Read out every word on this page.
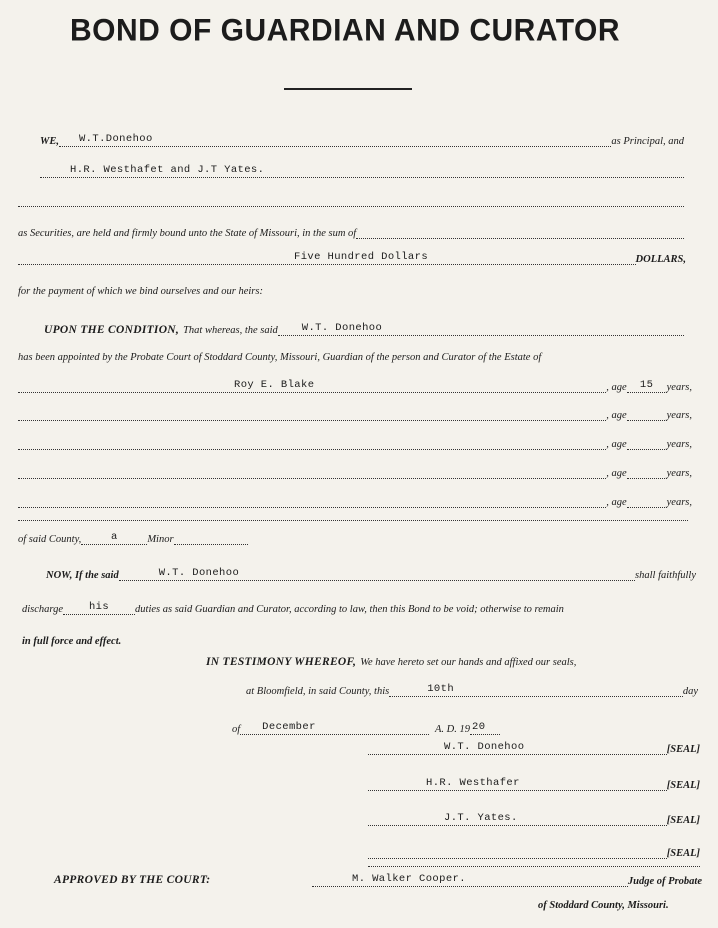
BOND OF GUARDIAN AND CURATOR
WE,	W.T.Donehoo	as Principal, and
H.R. Westhafet and J.T Yates.
as Securities, are held and firmly bound unto the State of Missouri, in the sum of
Five Hundred Dollars	DOLLARS,
for the payment of which we bind ourselves and our heirs:
UPON THE CONDITION, That whereas, the said	W.T. Donehoo
has been appointed by the Probate Court of Stoddard County, Missouri, Guardian of the person and Curator of the Estate of
Roy E. Blake	, age	15	years,
, age	years,
, age	years,
, age	years,
, age	years,
of said County,	a	Minor
NOW, If the said	W.T. Donehoo	shall faithfully
discharge	his	duties as said Guardian and Curator, according to law, then this Bond to be void; otherwise to remain
in full force and effect.
IN TESTIMONY WHEREOF, We have hereto set our hands and affixed our seals,
at Bloomfield, in said County, this	10th	day
of	December	A. D. 19 20
W.T. Donehoo	[SEAL]
H.R. Westhafer	[SEAL]
J.T. Yates.	[SEAL]
[SEAL]
APPROVED BY THE COURT:	M. Walker Cooper.	Judge of Probate
of Stoddard County, Missouri.
